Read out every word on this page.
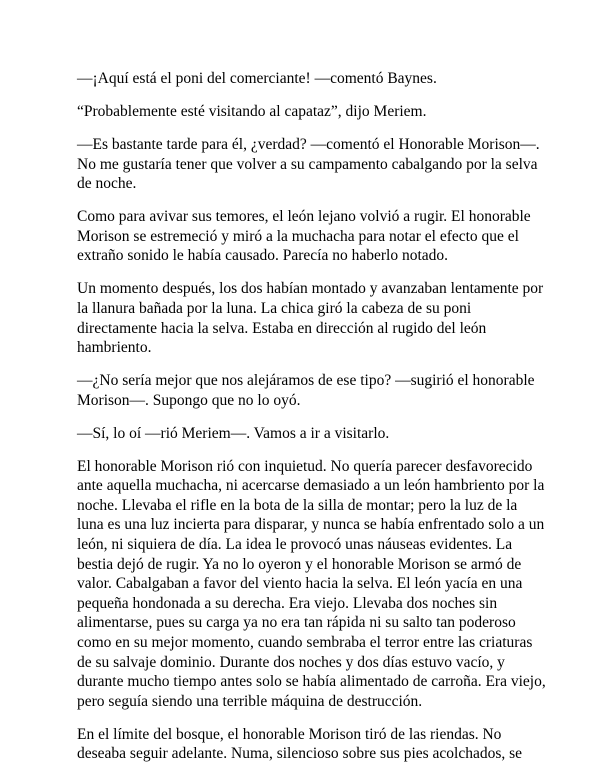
—¡Aquí está el poni del comerciante! —comentó Baynes.

“Probablemente esté visitando al capataz”, dijo Meriem.

—Es bastante tarde para él, ¿verdad? —comentó el Honorable Morison—. No me gustaría tener que volver a su campamento cabalgando por la selva de noche.

Como para avivar sus temores, el león lejano volvió a rugir. El honorable Morison se estremeció y miró a la muchacha para notar el efecto que el extraño sonido le había causado. Parecía no haberlo notado.

Un momento después, los dos habían montado y avanzaban lentamente por la llanura bañada por la luna. La chica giró la cabeza de su poni directamente hacia la selva. Estaba en dirección al rugido del león hambriento.

—¿No sería mejor que nos alejáramos de ese tipo? —sugirió el honorable Morison—. Supongo que no lo oyó.

—Sí, lo oí —rió Meriem—. Vamos a ir a visitarlo.

El honorable Morison rió con inquietud. No quería parecer desfavorecido ante aquella muchacha, ni acercarse demasiado a un león hambriento por la noche. Llevaba el rifle en la bota de la silla de montar; pero la luz de la luna es una luz incierta para disparar, y nunca se había enfrentado solo a un león, ni siquiera de día. La idea le provocó unas náuseas evidentes. La bestia dejó de rugir. Ya no lo oyeron y el honorable Morison se armó de valor. Cabalgaban a favor del viento hacia la selva. El león yacía en una pequeña hondonada a su derecha. Era viejo. Llevaba dos noches sin alimentarse, pues su carga ya no era tan rápida ni su salto tan poderoso como en su mejor momento, cuando sembraba el terror entre las criaturas de su salvaje dominio. Durante dos noches y dos días estuvo vacío, y durante mucho tiempo antes solo se había alimentado de carroña. Era viejo, pero seguía siendo una terrible máquina de destrucción.

En el límite del bosque, el honorable Morison tiró de las riendas. No deseaba seguir adelante. Numa, silencioso sobre sus pies acolchados, se
